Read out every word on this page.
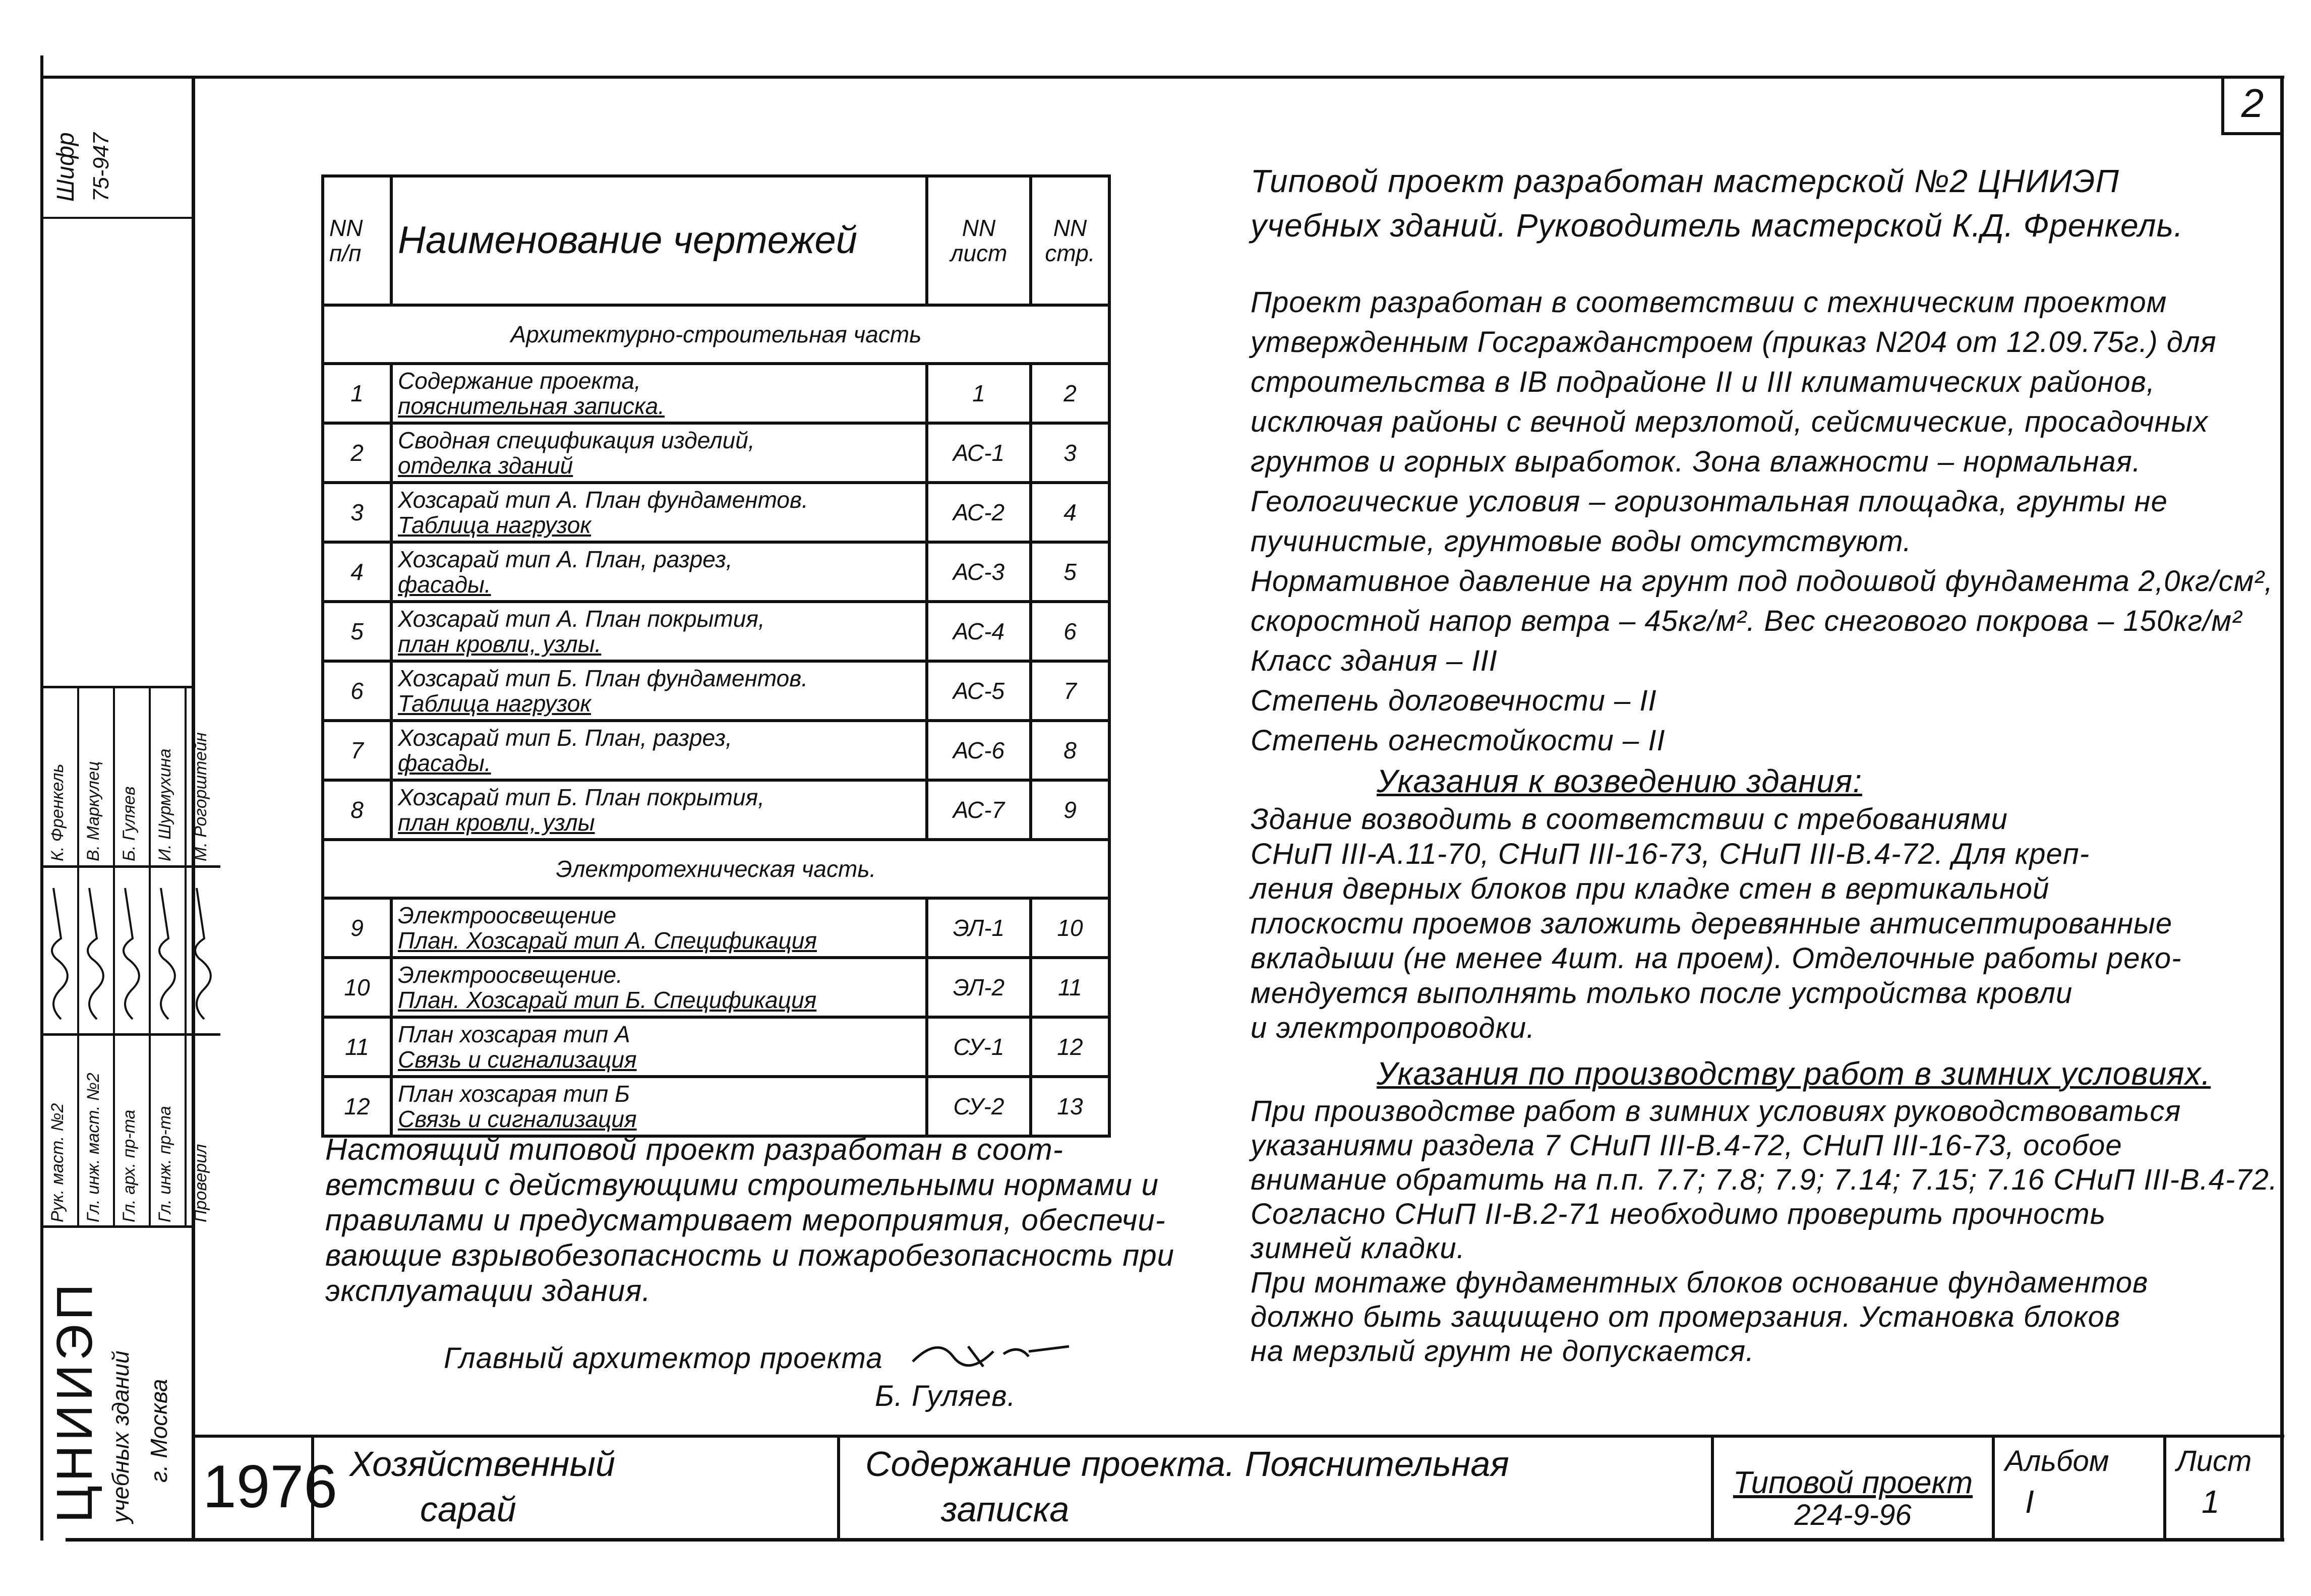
2
Шифр 75-947
Рук. маст. №2
К. Френкель
Гл. инж. маст. №2
В. Маркулец
Гл. арх. пр-та
Б. Гуляев
Гл. инж. пр-та
И. Шурмухина
Проверил
М. Рогорштейн
ЦНИИЭП учебных зданий г. Москва
NN п/п	Наименование чертежей	NN лист	NN стр.
Архитектурно-строительная часть			
1	Содержание проекта,
пояснительная записка.	1	2
2	Сводная спецификация изделий,
отделка зданий	АС-1	3
3	Хозсарай тип А. План фундаментов.
Таблица нагрузок	АС-2	4
4	Хозсарай тип А. План, разрез,
фасады.	АС-3	5
5	Хозсарай тип А. План покрытия,
план кровли, узлы.	АС-4	6
6	Хозсарай тип Б. План фундаментов.
Таблица нагрузок	АС-5	7
7	Хозсарай тип Б. План, разрез,
фасады.	АС-6	8
8	Хозсарай тип Б. План покрытия,
план кровли, узлы	АС-7	9
Электротехническая часть.			
9	Электроосвещение
План. Хозсарай тип А. Спецификация	ЭЛ-1	10
10	Электроосвещение.
План. Хозсарай тип Б. Спецификация	ЭЛ-2	11
11	План хозсарая тип А
Связь и сигнализация	СУ-1	12
12	План хозсарая тип Б
Связь и сигнализация	СУ-2	13
Настоящий типовой проект разработан в соот-
ветствии с действующими строительными нормами и
правилами и предусматривает мероприятия, обеспечи-
вающие взрывобезопасность и пожаробезопасность при
эксплуатации здания.
Главный архитектор проекта
Б. Гуляев.
Типовой проект разработан мастерской №2 ЦНИИЭП
учебных зданий. Руководитель мастерской К.Д. Френкель.
Проект разработан в соответствии с техническим проектом
утвержденным Госгражданстроем (приказ N204 от 12.09.75г.) для
строительства в IВ подрайоне II и III климатических районов,
исключая районы с вечной мерзлотой, сейсмические, просадочных
грунтов и горных выработок. Зона влажности – нормальная.
Геологические условия – горизонтальная площадка, грунты не
пучинистые, грунтовые воды отсутствуют.
Нормативное давление на грунт под подошвой фундамента 2,0кг/см²,
скоростной напор ветра – 45кг/м². Вес снегового покрова – 150кг/м²
Класс здания – III
Степень долговечности – II
Степень огнестойкости – II
Указания к возведению здания:
Здание возводить в соответствии с требованиями
СНиП III-А.11-70, СНиП III-16-73, СНиП III-В.4-72. Для креп-
ления дверных блоков при кладке стен в вертикальной
плоскости проемов заложить деревянные антисептированные
вкладыши (не менее 4шт. на проем). Отделочные работы реко-
мендуется выполнять только после устройства кровли
и электропроводки.
Указания по производству работ в зимних условиях.
При производстве работ в зимних условиях руководствоваться
указаниями раздела 7 СНиП III-В.4-72, СНиП III-16-73, особое
внимание обратить на п.п. 7.7; 7.8; 7.9; 7.14; 7.15; 7.16 СНиП III-В.4-72.
Согласно СНиП II-В.2-71 необходимо проверить прочность
зимней кладки.
При монтаже фундаментных блоков основание фундаментов
должно быть защищено от промерзания. Установка блоков
на мерзлый грунт не допускается.
1976 Хозяйственный
сарай
Содержание проекта. Пояснительная
записка
Типовой проект
224-9-96
Альбом
I
Лист
1
